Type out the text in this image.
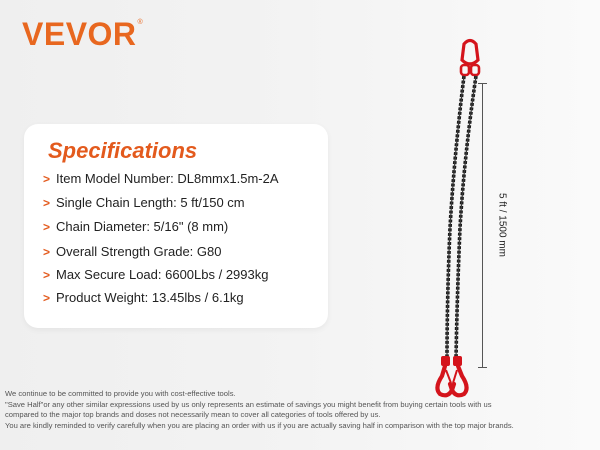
VEVOR ®
Specifications
> Item Model Number: DL8mmx1.5m-2A
> Single Chain Length: 5 ft/150 cm
> Chain Diameter: 5/16" (8 mm)
> Overall Strength Grade: G80
> Max Secure Load: 6600Lbs / 2993kg
> Product Weight: 13.45lbs / 6.1kg
5 ft / 1500 mm
We continue to be committed to provide you with cost-effective tools.
"Save Half"or any other similar expressions used by us only represents an estimate of savings you might benefit from buying certain tools with us
compared to the major top brands and doses not necessarily mean to cover all categories of tools offered by us.
You are kindly reminded to verify carefully when you are placing an order with us if you are actually saving half in comparison with the top major brands.
